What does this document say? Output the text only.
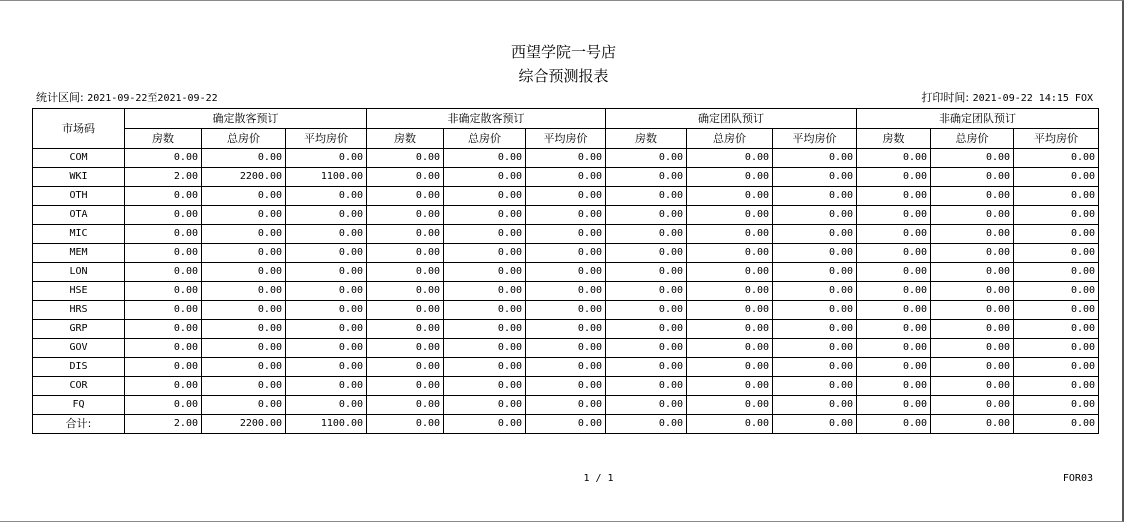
西望学院一号店
综合预测报表
统计区间: 2021-09-22至2021-09-22	打印时间: 2021-09-22 14:15 FOX
市场码	确定散客预订			非确定散客预订			确定团队预订			非确定团队预订		
	房数	总房价	平均房价	房数	总房价	平均房价	房数	总房价	平均房价	房数	总房价	平均房价
COM	0.00	0.00	0.00	0.00	0.00	0.00	0.00	0.00	0.00	0.00	0.00	0.00
WKI	2.00	2200.00	1100.00	0.00	0.00	0.00	0.00	0.00	0.00	0.00	0.00	0.00
OTH	0.00	0.00	0.00	0.00	0.00	0.00	0.00	0.00	0.00	0.00	0.00	0.00
OTA	0.00	0.00	0.00	0.00	0.00	0.00	0.00	0.00	0.00	0.00	0.00	0.00
MIC	0.00	0.00	0.00	0.00	0.00	0.00	0.00	0.00	0.00	0.00	0.00	0.00
MEM	0.00	0.00	0.00	0.00	0.00	0.00	0.00	0.00	0.00	0.00	0.00	0.00
LON	0.00	0.00	0.00	0.00	0.00	0.00	0.00	0.00	0.00	0.00	0.00	0.00
HSE	0.00	0.00	0.00	0.00	0.00	0.00	0.00	0.00	0.00	0.00	0.00	0.00
HRS	0.00	0.00	0.00	0.00	0.00	0.00	0.00	0.00	0.00	0.00	0.00	0.00
GRP	0.00	0.00	0.00	0.00	0.00	0.00	0.00	0.00	0.00	0.00	0.00	0.00
GOV	0.00	0.00	0.00	0.00	0.00	0.00	0.00	0.00	0.00	0.00	0.00	0.00
DIS	0.00	0.00	0.00	0.00	0.00	0.00	0.00	0.00	0.00	0.00	0.00	0.00
COR	0.00	0.00	0.00	0.00	0.00	0.00	0.00	0.00	0.00	0.00	0.00	0.00
FQ	0.00	0.00	0.00	0.00	0.00	0.00	0.00	0.00	0.00	0.00	0.00	0.00
合计:	2.00	2200.00	1100.00	0.00	0.00	0.00	0.00	0.00	0.00	0.00	0.00	0.00
1 / 1	FOR03
